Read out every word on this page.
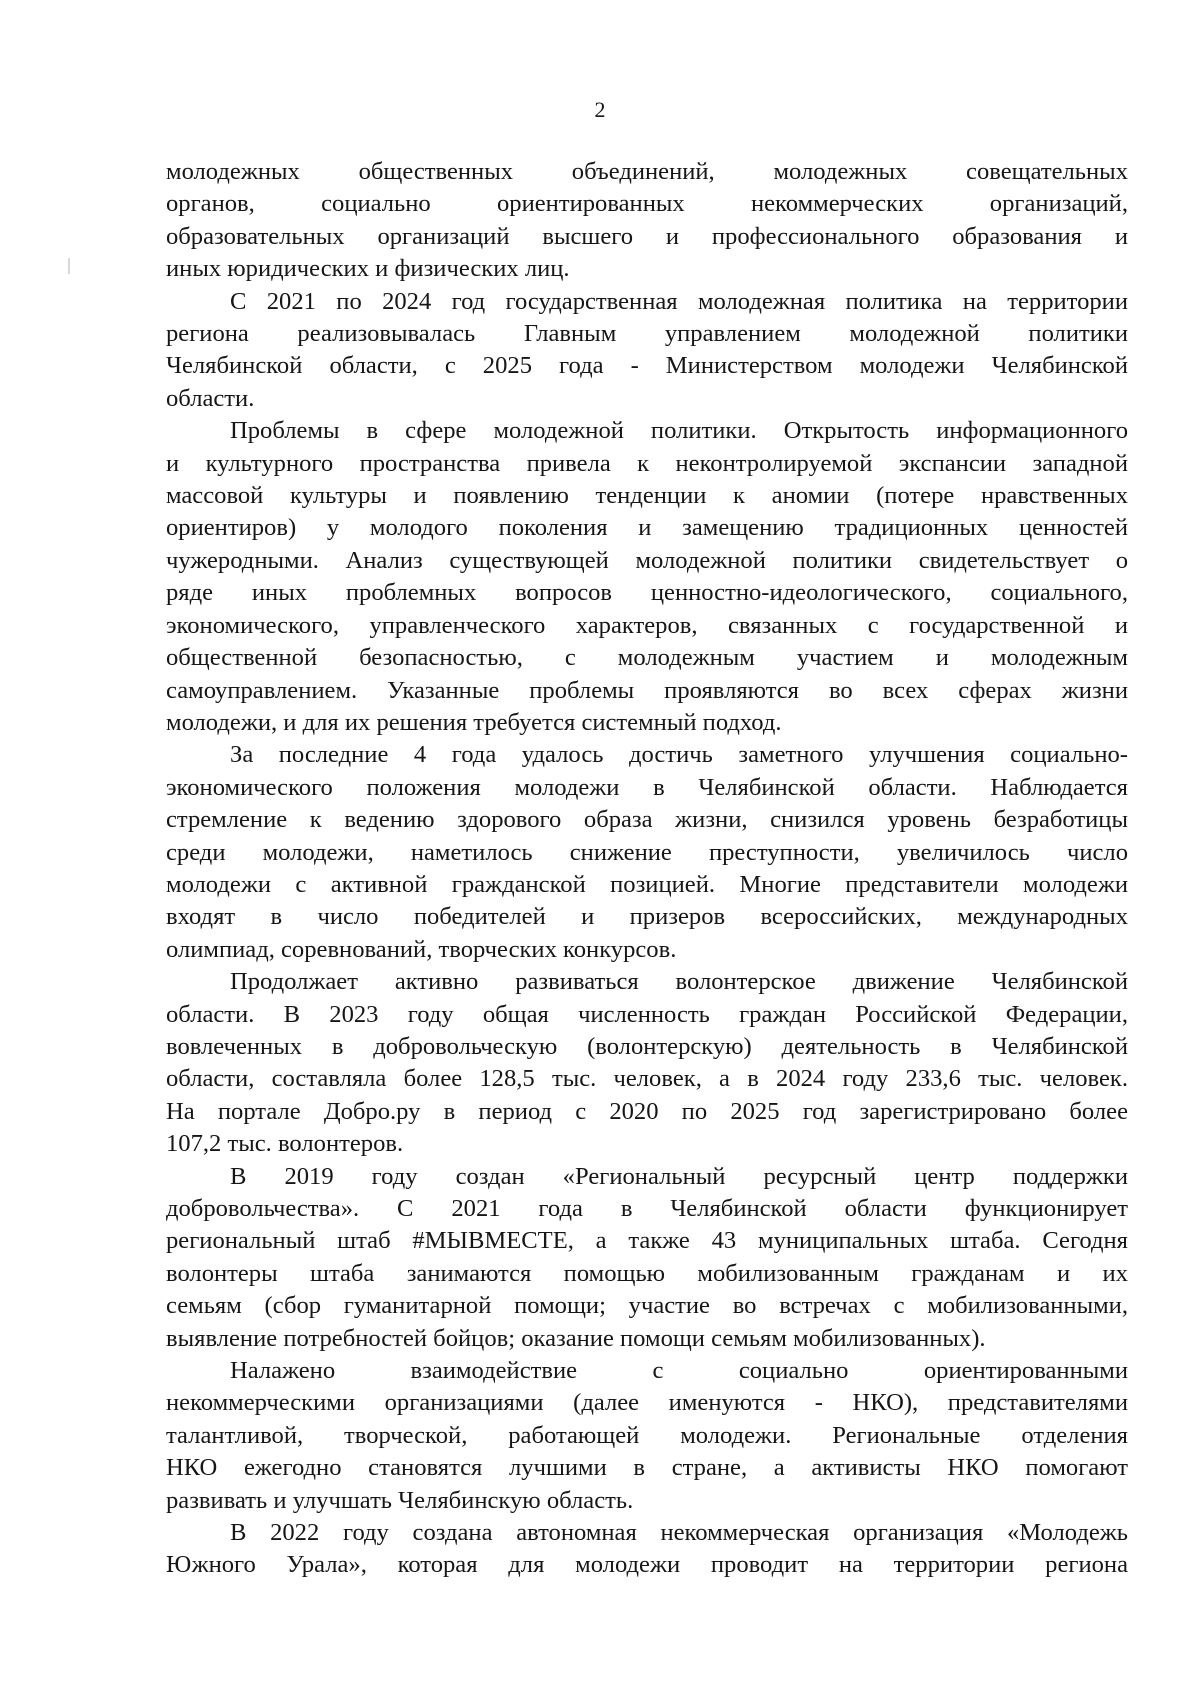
2
молодежных общественных объединений, молодежных совещательных
органов, социально ориентированных некоммерческих организаций,
образовательных организаций высшего и профессионального образования и
иных юридических и физических лиц.
С 2021 по 2024 год государственная молодежная политика на территории
региона реализовывалась Главным управлением молодежной политики
Челябинской области, с 2025 года - Министерством молодежи Челябинской
области.
Проблемы в сфере молодежной политики. Открытость информационного
и культурного пространства привела к неконтролируемой экспансии западной
массовой культуры и появлению тенденции к аномии (потере нравственных
ориентиров) у молодого поколения и замещению традиционных ценностей
чужеродными. Анализ существующей молодежной политики свидетельствует о
ряде иных проблемных вопросов ценностно-идеологического, социального,
экономического, управленческого характеров, связанных с государственной и
общественной безопасностью, с молодежным участием и молодежным
самоуправлением. Указанные проблемы проявляются во всех сферах жизни
молодежи, и для их решения требуется системный подход.
За последние 4 года удалось достичь заметного улучшения социально-
экономического положения молодежи в Челябинской области. Наблюдается
стремление к ведению здорового образа жизни, снизился уровень безработицы
среди молодежи, наметилось снижение преступности, увеличилось число
молодежи с активной гражданской позицией. Многие представители молодежи
входят в число победителей и призеров всероссийских, международных
олимпиад, соревнований, творческих конкурсов.
Продолжает активно развиваться волонтерское движение Челябинской
области. В 2023 году общая численность граждан Российской Федерации,
вовлеченных в добровольческую (волонтерскую) деятельность в Челябинской
области, составляла более 128,5 тыс. человек, а в 2024 году 233,6 тыс. человек.
На портале Добро.ру в период с 2020 по 2025 год зарегистрировано более
107,2 тыс. волонтеров.
В 2019 году создан «Региональный ресурсный центр поддержки
добровольчества». С 2021 года в Челябинской области функционирует
региональный штаб #МЫВМЕСТЕ, а также 43 муниципальных штаба. Сегодня
волонтеры штаба занимаются помощью мобилизованным гражданам и их
семьям (сбор гуманитарной помощи; участие во встречах с мобилизованными,
выявление потребностей бойцов; оказание помощи семьям мобилизованных).
Налажено взаимодействие с социально ориентированными
некоммерческими организациями (далее именуются - НКО), представителями
талантливой, творческой, работающей молодежи. Региональные отделения
НКО ежегодно становятся лучшими в стране, а активисты НКО помогают
развивать и улучшать Челябинскую область.
В 2022 году создана автономная некоммерческая организация «Молодежь
Южного Урала», которая для молодежи проводит на территории региона
